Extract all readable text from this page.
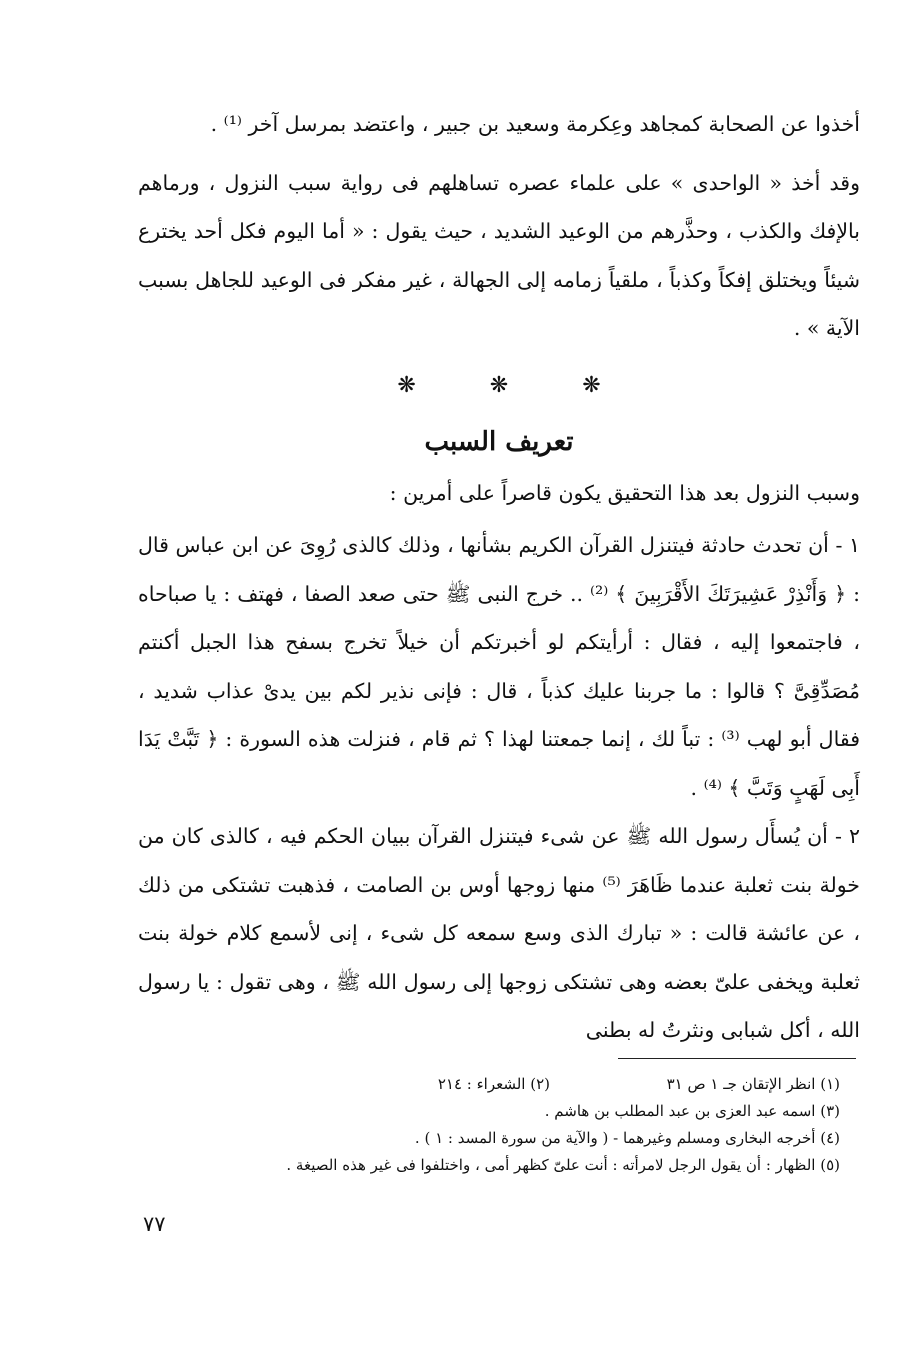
أخذوا عن الصحابة كمجاهد وعِكرمة وسعيد بن جبير ، واعتضد بمرسل آخر ⁽¹⁾ .

وقد أخذ « الواحدى » على علماء عصره تساهلهم فى رواية سبب النزول ، ورماهم بالإفك والكذب ، وحذَّرهم من الوعيد الشديد ، حيث يقول : « أما اليوم فكل أحد يخترع شيئاً ويختلق إفكاً وكذباً ، ملقياً زمامه إلى الجهالة ، غير مفكر فى الوعيد للجاهل بسبب الآية » .

❋	❋	❋
تعريف السبب

وسبب النزول بعد هذا التحقيق يكون قاصراً على أمرين :

١ - أن تحدث حادثة فيتنزل القرآن الكريم بشأنها ، وذلك كالذى رُوِىَ عن ابن عباس قال : ﴿ وَأَنْذِرْ عَشِيرَتَكَ الأَقْرَبِينَ ﴾ ⁽²⁾ .. خرج النبى ﷺ حتى صعد الصفا ، فهتف : يا صباحاه ، فاجتمعوا إليه ، فقال : أرأيتكم لو أخبرتكم أن خيلاً تخرج بسفح هذا الجبل أكنتم مُصَدِّقِىَّ ؟ قالوا : ما جربنا عليك كذباً ، قال : فإنى نذير لكم بين يدىْ عذاب شديد ، فقال أبو لهب ⁽³⁾ : تباً لك ، إنما جمعتنا لهذا ؟ ثم قام ، فنزلت هذه السورة : ﴿ تَبَّتْ يَدَا أَبِى لَهَبٍ وَتَبَّ ﴾ ⁽⁴⁾ .

٢ - أن يُسأَل رسول الله ﷺ عن شىء فيتنزل القرآن ببيان الحكم فيه ، كالذى كان من خولة بنت ثعلبة عندما ظَاهَرَ ⁽⁵⁾ منها زوجها أوس بن الصامت ، فذهبت تشتكى من ذلك ، عن عائشة قالت : « تبارك الذى وسع سمعه كل شىء ، إنى لأسمع كلام خولة بنت ثعلبة ويخفى علىّ بعضه وهى تشتكى زوجها إلى رسول الله ﷺ ، وهى تقول : يا رسول الله ، أكل شبابى ونثرتُ له بطنى

(١) انظر الإتقان جـ ١ ص ٣١
(٢) الشعراء : ٢١٤
(٣) اسمه عبد العزى بن عبد المطلب بن هاشم .
(٤) أخرجه البخارى ومسلم وغيرهما - ( والآية من سورة المسد : ١ ) .
(٥) الظهار : أن يقول الرجل لامرأته : أنت علىّ كظهر أمى ، واختلفوا فى غير هذه الصيغة .
٧٧
